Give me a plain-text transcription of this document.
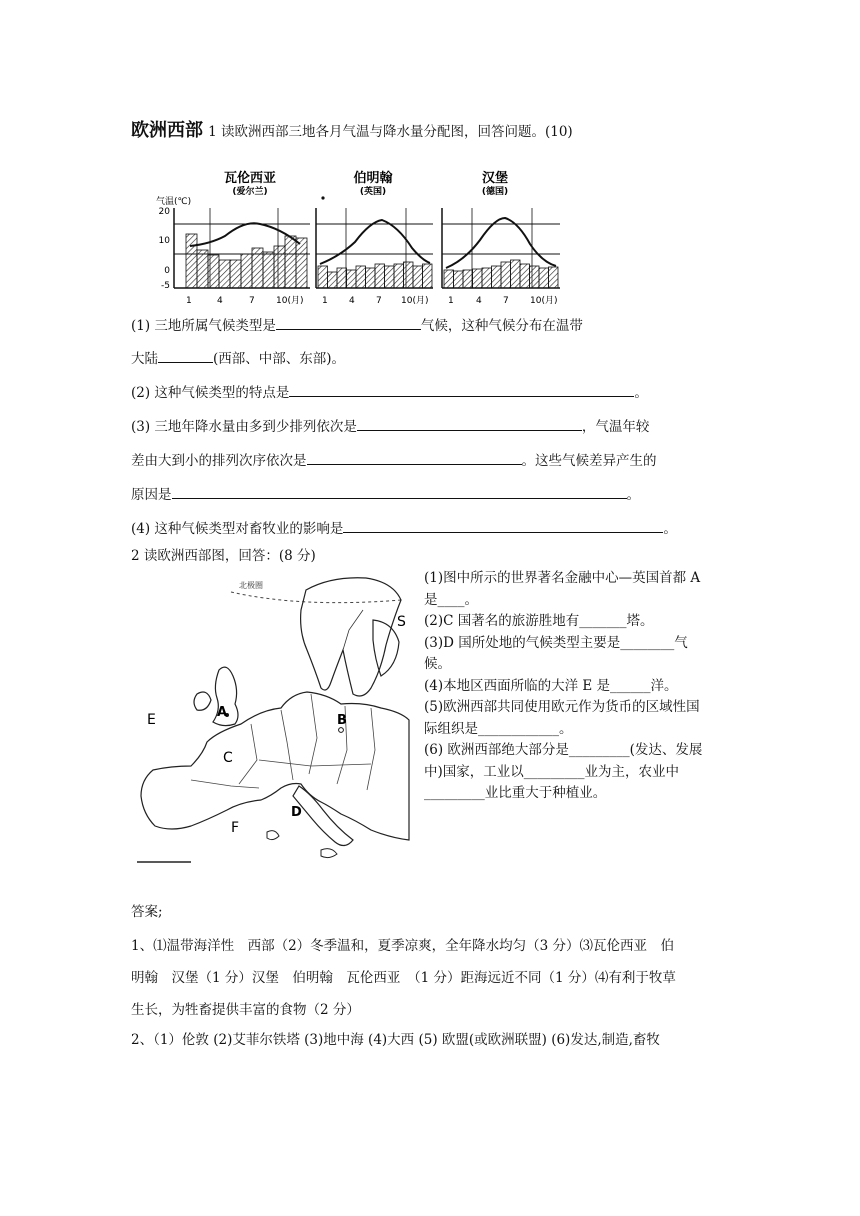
欧洲西部 1 读欧洲西部三地各月气温与降水量分配图，回答问题。(10)
瓦伦西亚
(爱尔兰)
伯明翰
(英国)
汉堡
(德国)
气温(℃)
20
10
0
-5
1	4	7 10(月) 1 4 7 10(月) 1 4 7 10(月)
(1) 三地所属气候类型是	气候，这种气候分布在温带
大陆	(西部、中部、东部)。
(2) 这种气候类型的特点是	。
(3) 三地年降水量由多到少排列依次是	，气温年较
差由大到小的排列次序依次是	。这些气候差异产生的
原因是	。
(4) 这种气候类型对畜牧业的影响是	。
2 读欧洲西部图，回答：(8 分)
北极圈
A
B
C
D
E
F
S
(1)图中所示的世界著名金融中心—英国首都 A
是____。
(2)C 国著名的旅游胜地有_______塔。
(3)D 国所处地的气候类型主要是________气
候。
(4)本地区西面所临的大洋 E 是______洋。
(5)欧洲西部共同使用欧元作为货币的区域性国
际组织是____________。
(6) 欧洲西部绝大部分是_________(发达、发展
中)国家，工业以_________业为主，农业中
_________业比重大于种植业。
答案;
1、⑴温带海洋性　西部（2）冬季温和，夏季凉爽，全年降水均匀（3 分）⑶瓦伦西亚　伯
明翰　汉堡（1 分）汉堡　伯明翰　瓦伦西亚　（1 分）距海远近不同（1 分）⑷有利于牧草
生长，为牲畜提供丰富的食物（2 分）
2、（1）伦敦 (2)艾菲尔铁塔 (3)地中海 (4)大西 (5) 欧盟(或欧洲联盟) (6)发达,制造,畜牧
